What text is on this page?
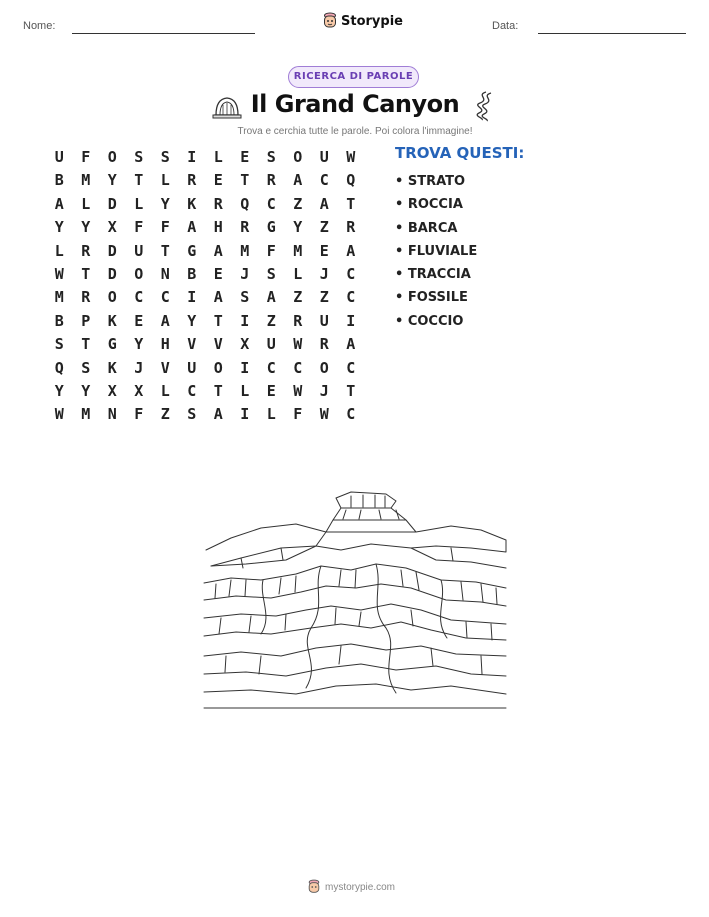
Nome:	Storypie	Data:
RICERCA DI PAROLE
Il Grand Canyon
Trova e cerchia tutte le parole. Poi colora l'immagine!
U	F	O	S	S	I	L	E	S	O	U	W
B	M	Y	T	L	R	E	T	R	A	C	Q
A	L	D	L	Y	K	R	Q	C	Z	A	T
Y	Y	X	F	F	A	H	R	G	Y	Z	R
L	R	D	U	T	G	A	M	F	M	E	A
W	T	D	O	N	B	E	J	S	L	J	C
M	R	O	C	C	I	A	S	A	Z	Z	C
B	P	K	E	A	Y	T	I	Z	R	U	I
S	T	G	Y	H	V	V	X	U	W	R	A
Q	S	K	J	V	U	O	I	C	C	O	C
Y	Y	X	X	L	C	T	L	E	W	J	T
W	M	N	F	Z	S	A	I	L	F	W	C
TROVA QUESTI:
• STRATO
• ROCCIA
• BARCA
• FLUVIALE
• TRACCIA
• FOSSILE
• COCCIO
mystorypie.com
